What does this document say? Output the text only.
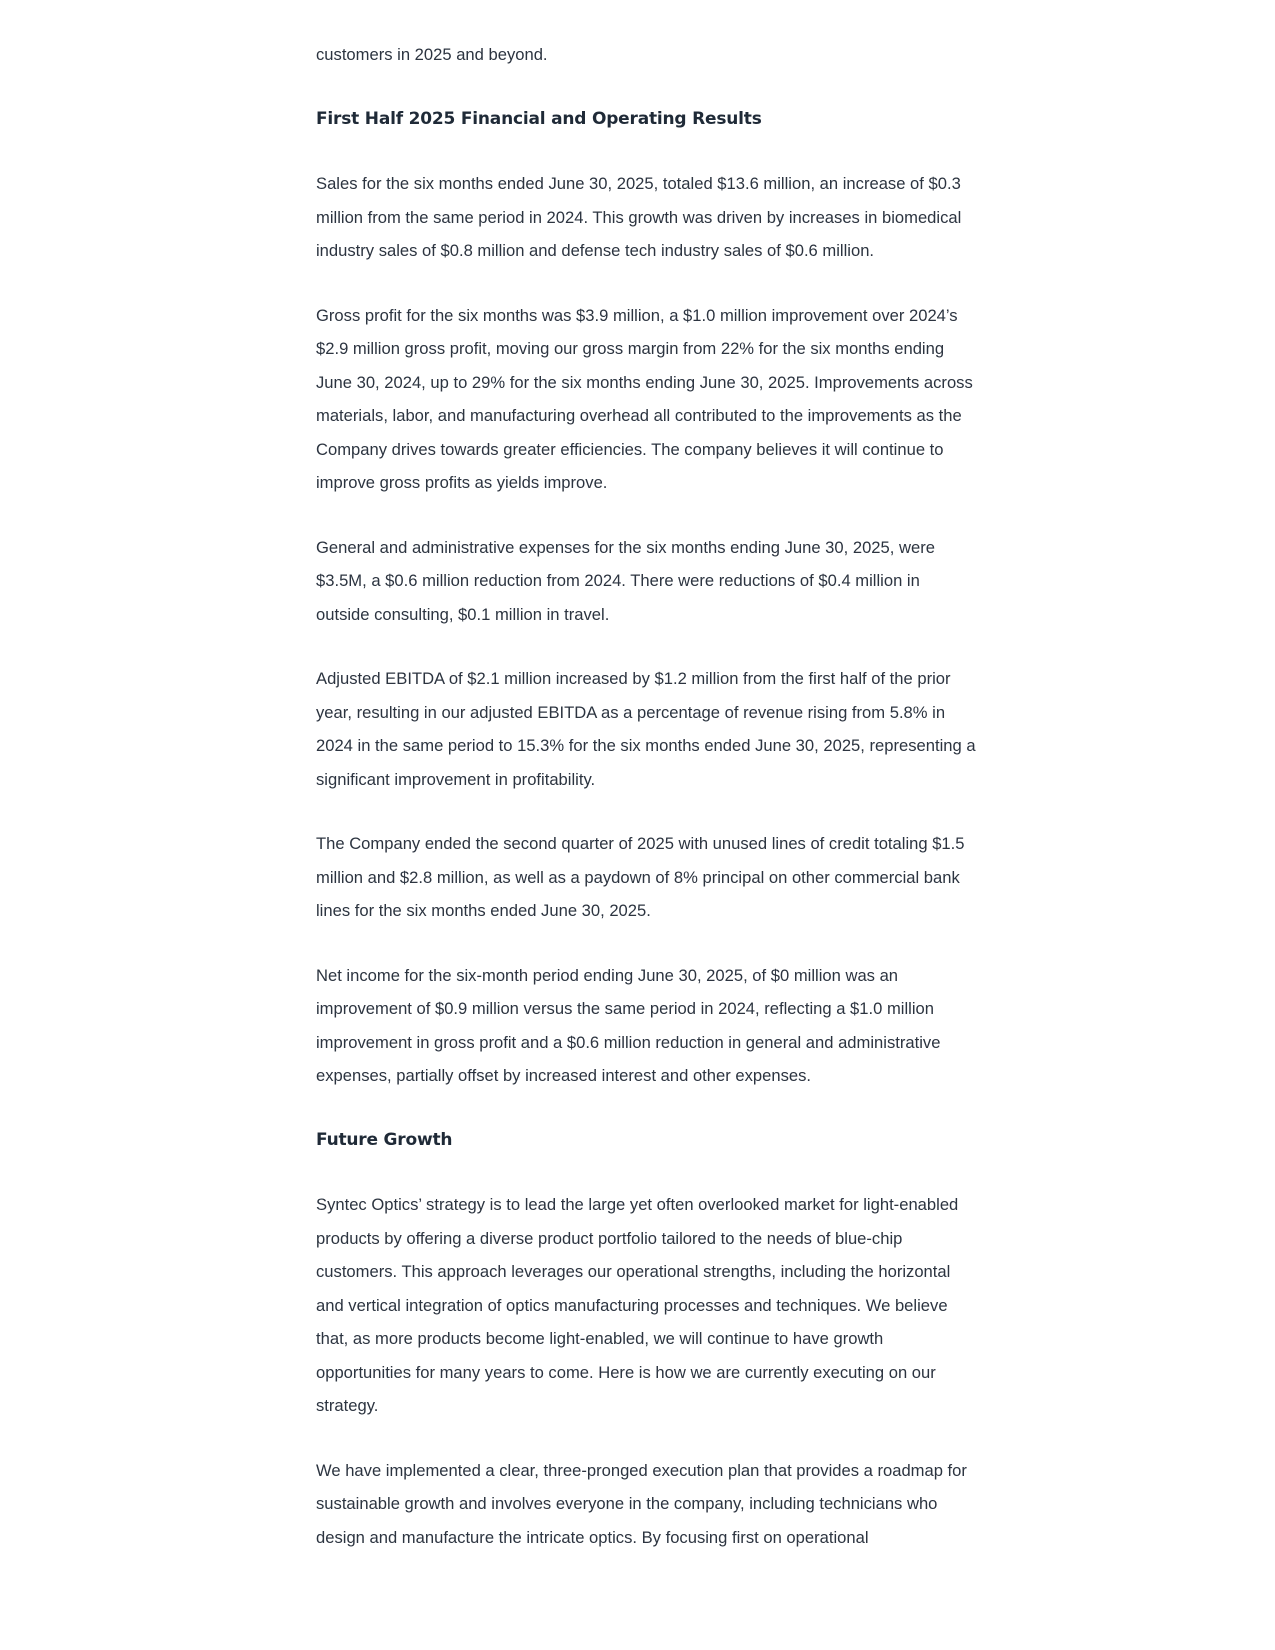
customers in 2025 and beyond.

First Half 2025 Financial and Operating Results

Sales for the six months ended June 30, 2025, totaled $13.6 million, an increase of $0.3 million from the same period in 2024. This growth was driven by increases in biomedical industry sales of $0.8 million and defense tech industry sales of $0.6 million.

Gross profit for the six months was $3.9 million, a $1.0 million improvement over 2024’s $2.9 million gross profit, moving our gross margin from 22% for the six months ending June 30, 2024, up to 29% for the six months ending June 30, 2025. Improvements across materials, labor, and manufacturing overhead all contributed to the improvements as the Company drives towards greater efficiencies. The company believes it will continue to improve gross profits as yields improve.

General and administrative expenses for the six months ending June 30, 2025, were $3.5M, a $0.6 million reduction from 2024. There were reductions of $0.4 million in outside consulting, $0.1 million in travel.

Adjusted EBITDA of $2.1 million increased by $1.2 million from the first half of the prior year, resulting in our adjusted EBITDA as a percentage of revenue rising from 5.8% in 2024 in the same period to 15.3% for the six months ended June 30, 2025, representing a significant improvement in profitability.

The Company ended the second quarter of 2025 with unused lines of credit totaling $1.5 million and $2.8 million, as well as a paydown of 8% principal on other commercial bank lines for the six months ended June 30, 2025.

Net income for the six-month period ending June 30, 2025, of $0 million was an improvement of $0.9 million versus the same period in 2024, reflecting a $1.0 million improvement in gross profit and a $0.6 million reduction in general and administrative expenses, partially offset by increased interest and other expenses.

Future Growth

Syntec Optics’ strategy is to lead the large yet often overlooked market for light-enabled products by offering a diverse product portfolio tailored to the needs of blue-chip customers. This approach leverages our operational strengths, including the horizontal and vertical integration of optics manufacturing processes and techniques. We believe that, as more products become light-enabled, we will continue to have growth opportunities for many years to come. Here is how we are currently executing on our strategy.

We have implemented a clear, three-pronged execution plan that provides a roadmap for sustainable growth and involves everyone in the company, including technicians who design and manufacture the intricate optics. By focusing first on operational
